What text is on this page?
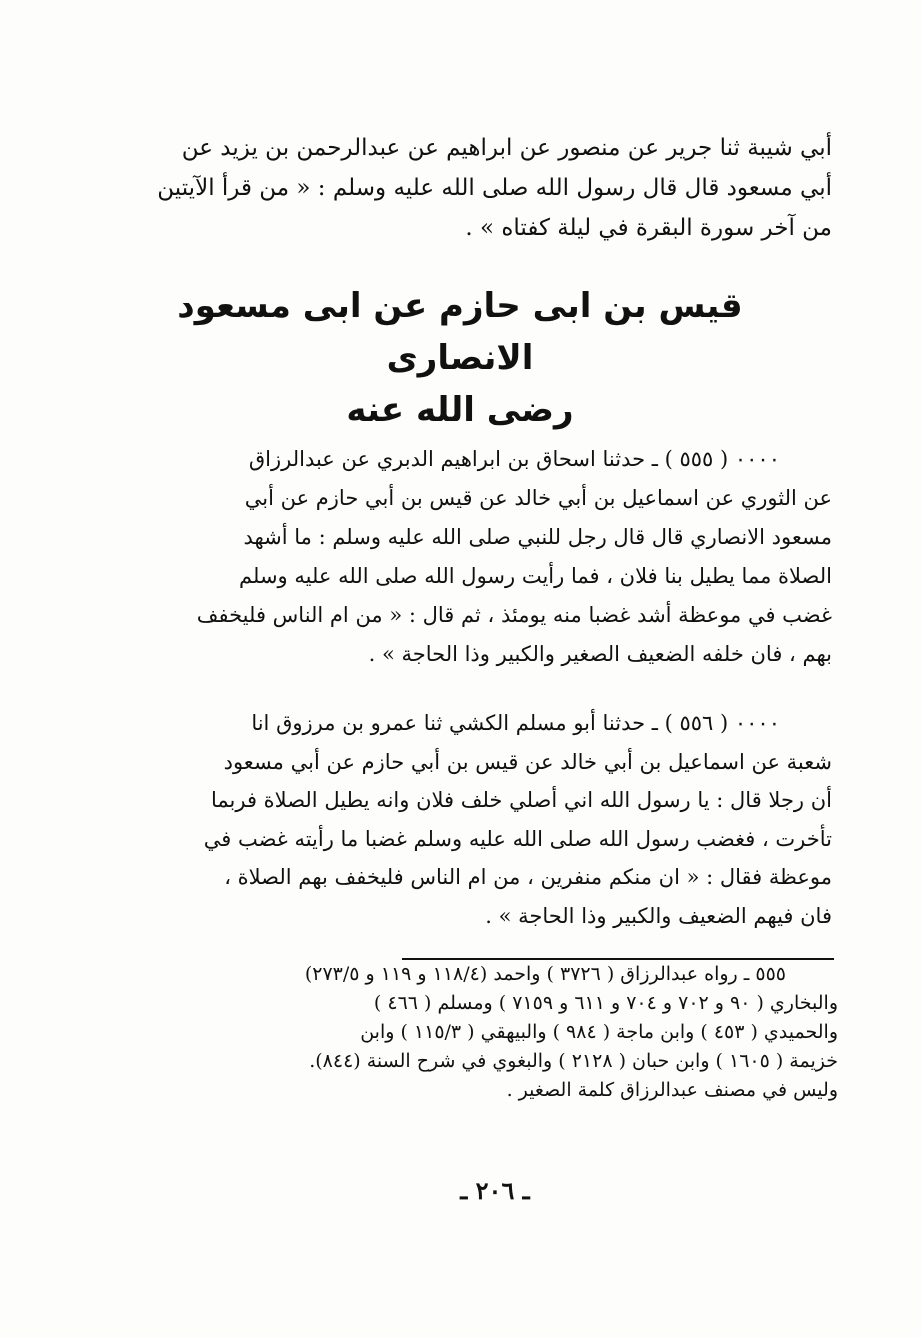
أبي شيبة ثنا جرير عن منصور عن ابراهيم عن عبدالرحمن بن يزيد عن
أبي مسعود قال قال رسول الله صلى الله عليه وسلم : « من قرأ الآيتين
من آخر سورة البقرة في ليلة كفتاه » .
قيس بن ابى حازم عن ابى مسعود الانصارى
رضى الله عنه
٠٠٠٠ ( ٥٥٥ ) ـ حدثنا اسحاق بن ابراهيم الدبري عن عبدالرزاق
عن الثوري عن اسماعيل بن أبي خالد عن قيس بن أبي حازم عن أبي
مسعود الانصاري قال قال رجل للنبي صلى الله عليه وسلم : ما أشهد
الصلاة مما يطيل بنا فلان ، فما رأيت رسول الله صلى الله عليه وسلم
غضب في موعظة أشد غضبا منه يومئذ ، ثم قال : « من ام الناس فليخفف
بهم ، فان خلفه الضعيف الصغير والكبير وذا الحاجة » .
٠٠٠٠ ( ٥٥٦ ) ـ حدثنا أبو مسلم الكشي ثنا عمرو بن مرزوق انا
شعبة عن اسماعيل بن أبي خالد عن قيس بن أبي حازم عن أبي مسعود
أن رجلا قال : يا رسول الله اني أصلي خلف فلان وانه يطيل الصلاة فربما
تأخرت ، فغضب رسول الله صلى الله عليه وسلم غضبا ما رأيته غضب في
موعظة فقال : « ان منكم منفرين ، من ام الناس فليخفف بهم الصلاة ،
فان فيهم الضعيف والكبير وذا الحاجة » .
٥٥٥ ـ رواه عبدالرزاق ( ٣٧٢٦ ) واحمد (١١٨/٤ و ١١٩ و ٢٧٣/٥)
والبخاري ( ٩٠ و ٧٠٢ و ٧٠٤ و ٦١١ و ٧١٥٩ ) ومسلم ( ٤٦٦ )
والحميدي ( ٤٥٣ ) وابن ماجة ( ٩٨٤ ) والبيهقي ( ١١٥/٣ ) وابن
خزيمة ( ١٦٠٥ ) وابن حبان ( ٢١٢٨ ) والبغوي في شرح السنة (٨٤٤).
وليس في مصنف عبدالرزاق كلمة الصغير .
ـ ٢٠٦ ـ
